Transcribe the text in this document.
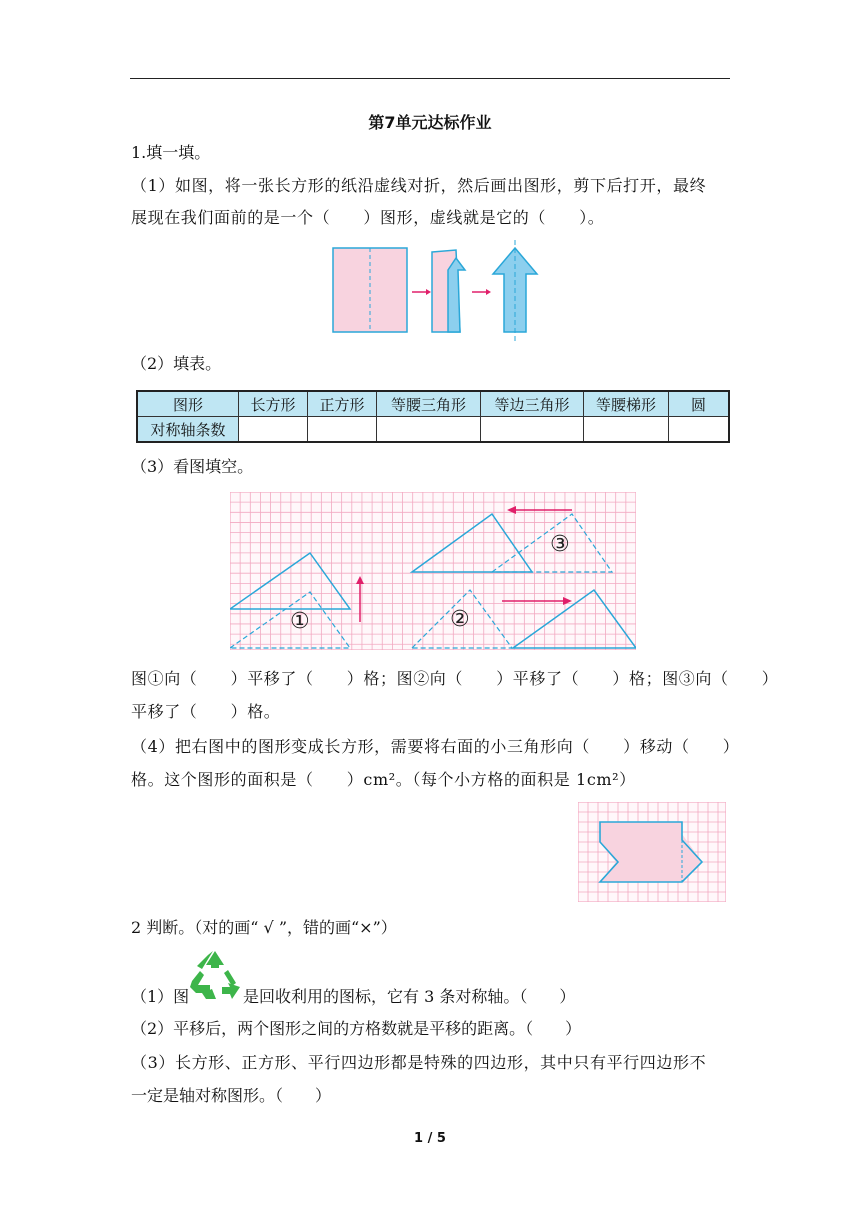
第7单元达标作业
1.填一填。
（1）如图，将一张长方形的纸沿虚线对折，然后画出图形，剪下后打开，最终
展现在我们面前的是一个（　　）图形，虚线就是它的（　　）。
（2）填表。
图形	长方形	正方形	等腰三角形	等边三角形	等腰梯形	圆
对称轴条数						
（3）看图填空。
①	②
③
图①向（　　）平移了（　　）格；图②向（　　）平移了（　　）格；图③向（　　）
平移了（　　）格。
（4）把右图中的图形变成长方形，需要将右面的小三角形向（　　）移动（　　）
格。这个图形的面积是（　　）cm²。（每个小方格的面积是 1cm²）
2 判断。（对的画“ √ ”，错的画“×”）
（1）图	是回收利用的图标，它有 3 条对称轴。（　　）
（2）平移后，两个图形之间的方格数就是平移的距离。（　　）
（3）长方形、正方形、平行四边形都是特殊的四边形，其中只有平行四边形不
一定是轴对称图形。（　　）
1 / 5
